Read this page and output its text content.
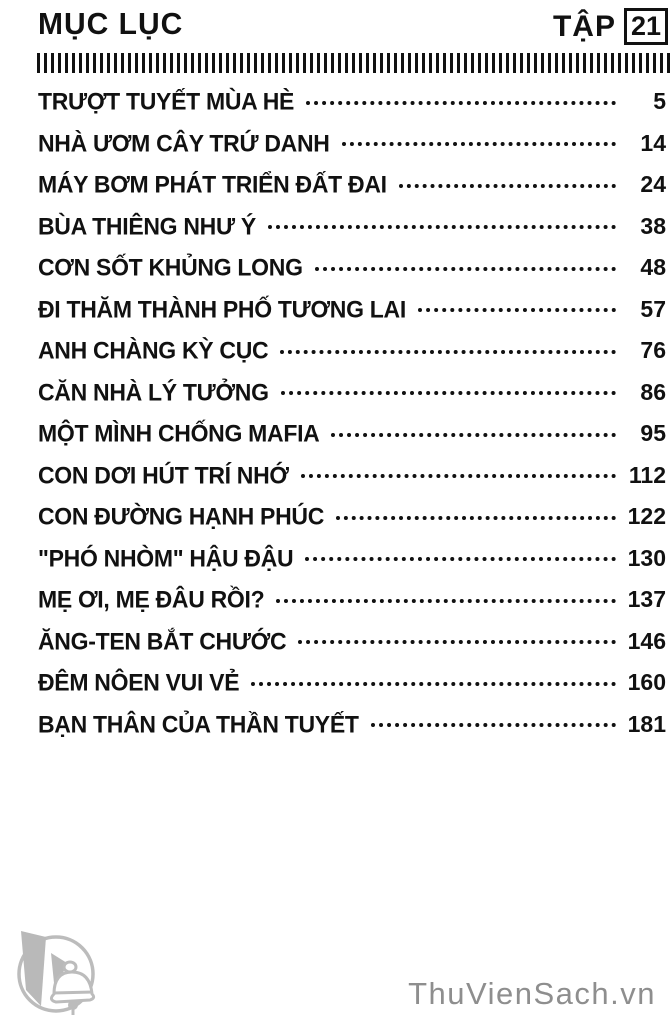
MỤC LỤC	TẬP 21
TRƯỢT TUYẾT MÙA HÈ	5
NHÀ ƯƠM CÂY TRỨ DANH	14
MÁY BƠM PHÁT TRIỂN ĐẤT ĐAI	24
BÙA THIÊNG NHƯ Ý	38
CƠN SỐT KHỦNG LONG	48
ĐI THĂM THÀNH PHỐ TƯƠNG LAI	57
ANH CHÀNG KỲ CỤC	76
CĂN NHÀ LÝ TƯỞNG	86
MỘT MÌNH CHỐNG MAFIA	95
CON DƠI HÚT TRÍ NHỚ	112
CON ĐƯỜNG HẠNH PHÚC	122
"PHÓ NHÒM" HẬU ĐẬU	130
MẸ ƠI, MẸ ĐÂU RỒI?	137
ĂNG-TEN BẮT CHƯỚC	146
ĐÊM NÔEN VUI VẺ	160
BẠN THÂN CỦA THẦN TUYẾT	181
ThuVienSach.vn
